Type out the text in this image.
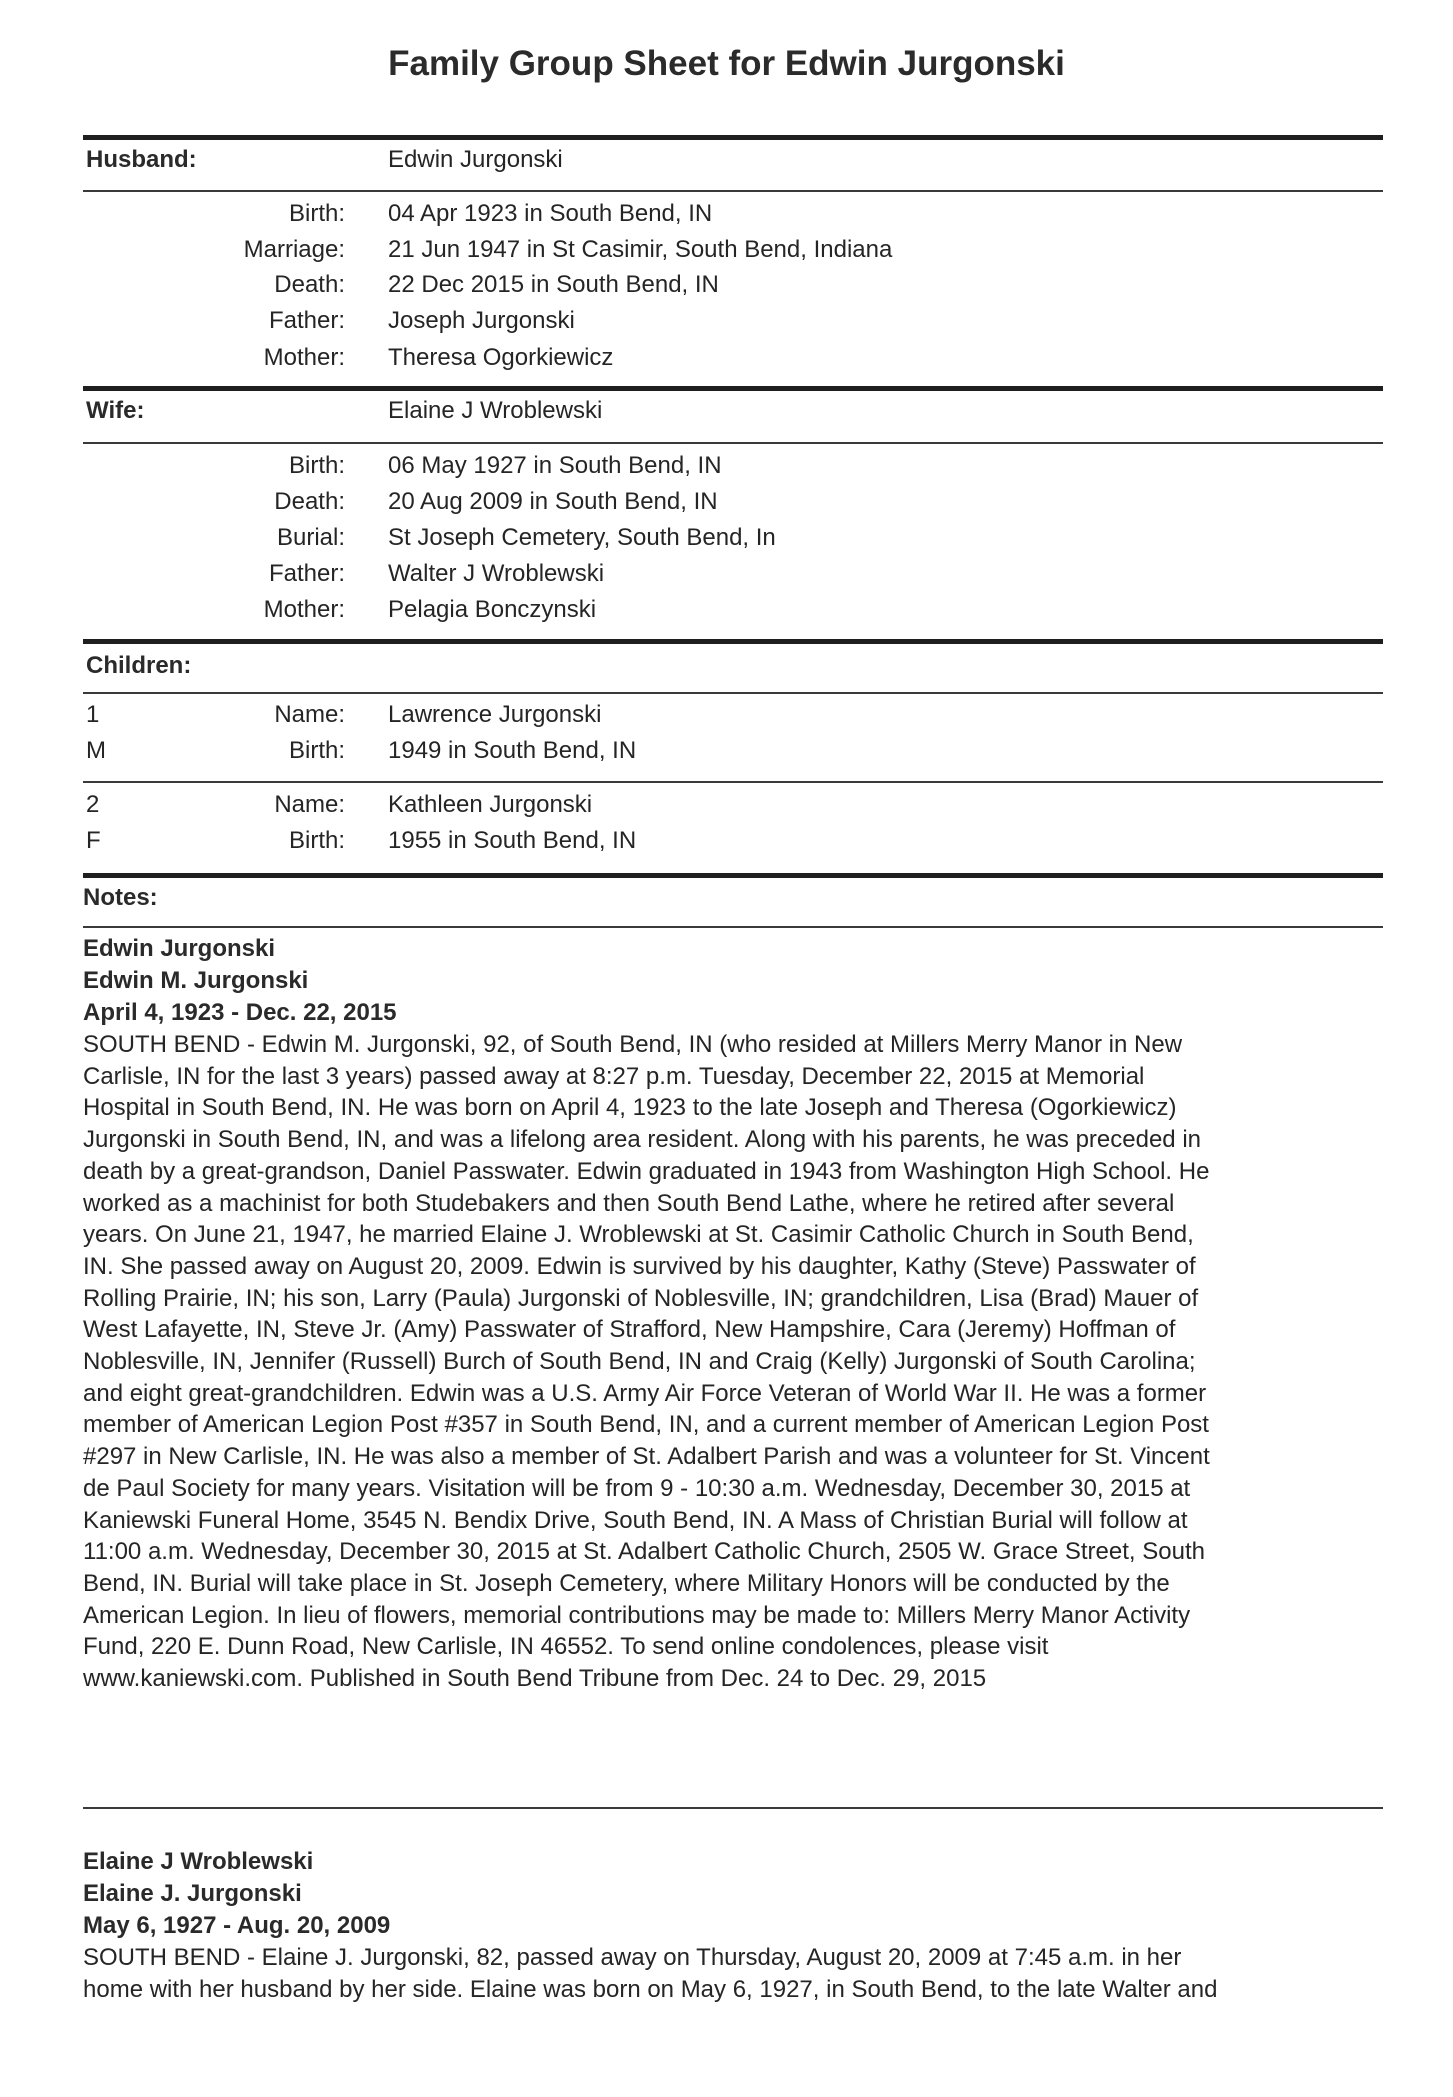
Family Group Sheet for Edwin Jurgonski
Husband:	Edwin Jurgonski
Birth: 04 Apr 1923 in South Bend, IN
Marriage: 21 Jun 1947 in St Casimir, South Bend, Indiana
Death: 22 Dec 2015 in South Bend, IN
Father: Joseph Jurgonski
Mother: Theresa Ogorkiewicz
Wife:	Elaine J Wroblewski
Birth: 06 May 1927 in South Bend, IN
Death: 20 Aug 2009 in South Bend, IN
Burial: St Joseph Cemetery, South Bend, In
Father: Walter J Wroblewski
Mother: Pelagia Bonczynski
Children:
1
M
Name: Lawrence Jurgonski
Birth: 1949 in South Bend, IN
2
F
Name: Kathleen Jurgonski
Birth: 1955 in South Bend, IN
Notes:
Edwin Jurgonski
Edwin M. Jurgonski
April 4, 1923 - Dec. 22, 2015
SOUTH BEND - Edwin M. Jurgonski, 92, of South Bend, IN (who resided at Millers Merry Manor in New
Carlisle, IN for the last 3 years) passed away at 8:27 p.m. Tuesday, December 22, 2015 at Memorial
Hospital in South Bend, IN. He was born on April 4, 1923 to the late Joseph and Theresa (Ogorkiewicz)
Jurgonski in South Bend, IN, and was a lifelong area resident. Along with his parents, he was preceded in
death by a great-grandson, Daniel Passwater. Edwin graduated in 1943 from Washington High School. He
worked as a machinist for both Studebakers and then South Bend Lathe, where he retired after several
years. On June 21, 1947, he married Elaine J. Wroblewski at St. Casimir Catholic Church in South Bend,
IN. She passed away on August 20, 2009. Edwin is survived by his daughter, Kathy (Steve) Passwater of
Rolling Prairie, IN; his son, Larry (Paula) Jurgonski of Noblesville, IN; grandchildren, Lisa (Brad) Mauer of
West Lafayette, IN, Steve Jr. (Amy) Passwater of Strafford, New Hampshire, Cara (Jeremy) Hoffman of
Noblesville, IN, Jennifer (Russell) Burch of South Bend, IN and Craig (Kelly) Jurgonski of South Carolina;
and eight great-grandchildren. Edwin was a U.S. Army Air Force Veteran of World War II. He was a former
member of American Legion Post #357 in South Bend, IN, and a current member of American Legion Post
#297 in New Carlisle, IN. He was also a member of St. Adalbert Parish and was a volunteer for St. Vincent
de Paul Society for many years. Visitation will be from 9 - 10:30 a.m. Wednesday, December 30, 2015 at
Kaniewski Funeral Home, 3545 N. Bendix Drive, South Bend, IN. A Mass of Christian Burial will follow at
11:00 a.m. Wednesday, December 30, 2015 at St. Adalbert Catholic Church, 2505 W. Grace Street, South
Bend, IN. Burial will take place in St. Joseph Cemetery, where Military Honors will be conducted by the
American Legion. In lieu of flowers, memorial contributions may be made to: Millers Merry Manor Activity
Fund, 220 E. Dunn Road, New Carlisle, IN 46552. To send online condolences, please visit
www.kaniewski.com. Published in South Bend Tribune from Dec. 24 to Dec. 29, 2015
Elaine J Wroblewski
Elaine J. Jurgonski
May 6, 1927 - Aug. 20, 2009
SOUTH BEND - Elaine J. Jurgonski, 82, passed away on Thursday, August 20, 2009 at 7:45 a.m. in her
home with her husband by her side. Elaine was born on May 6, 1927, in South Bend, to the late Walter and
